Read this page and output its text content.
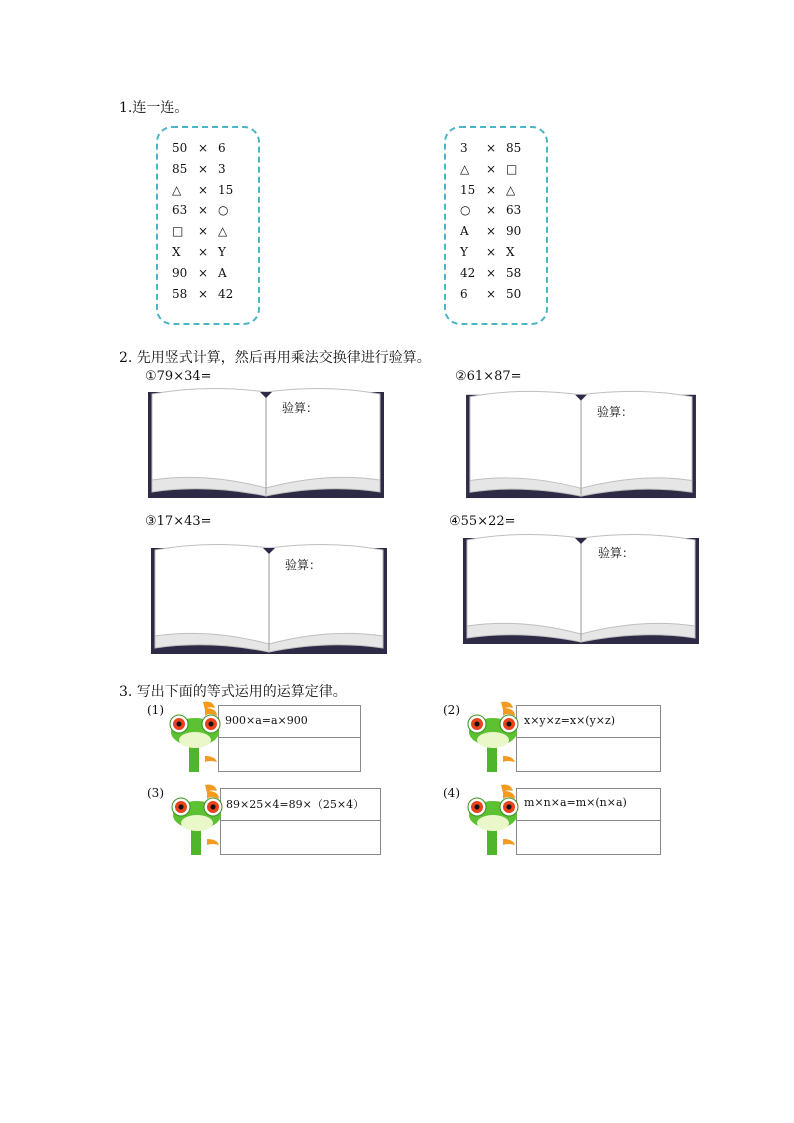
1.连一连。
50 × 6
85 × 3
△	× 15
63 × ○
□	× △
X	× Y
90 × A
58 × 42
3	× 85
△	× □
15 × △
○	× 63
A	× 90
Y	× X
42 × 58
6	× 50
2. 先用竖式计算，然后再用乘法交换律进行验算。
①79×34=
验算：
②61×87=
验算：
③17×43=
验算：
④55×22=
验算：
3. 写出下面的等式运用的运算定律。
(1)
900×a=a×900
(2)
x×y×z=x×(y×z)
(3)
89×25×4=89×（25×4）
(4)
m×n×a=m×(n×a)
